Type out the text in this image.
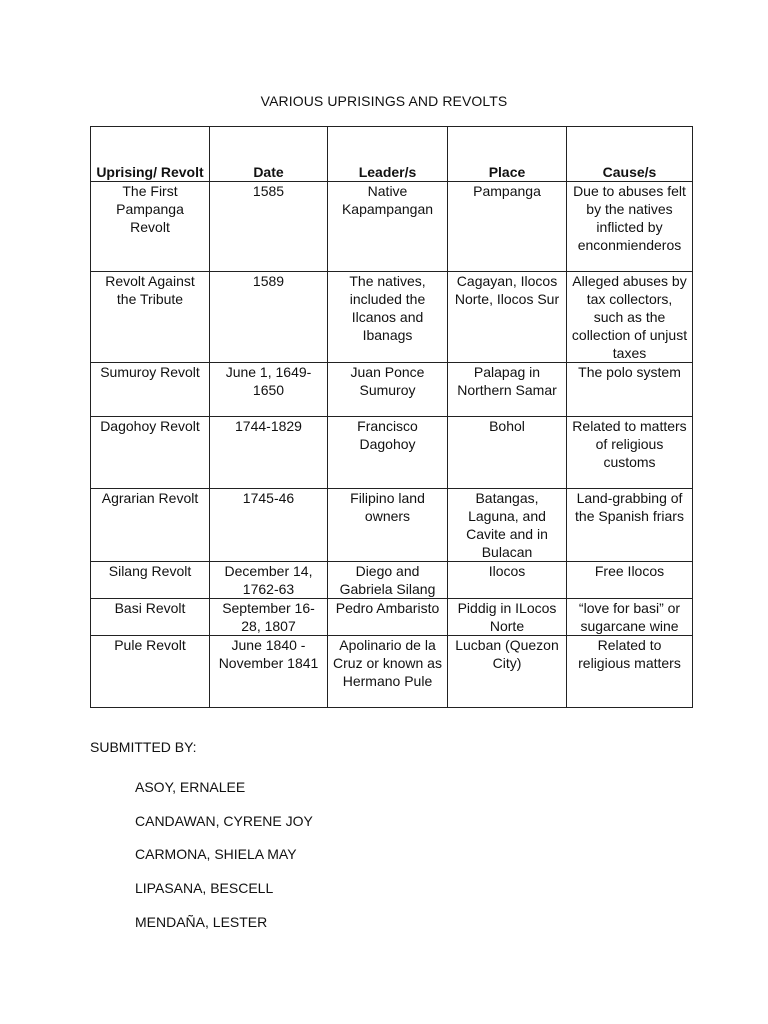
VARIOUS UPRISINGS AND REVOLTS
Uprising/ Revolt	Date	Leader/s	Place	Cause/s
The First Pampanga Revolt	1585	Native Kapampangan	Pampanga	Due to abuses felt by the natives inflicted by enconmienderos
Revolt Against the Tribute	1589	The natives, included the Ilcanos and Ibanags	Cagayan, Ilocos Norte, Ilocos Sur	Alleged abuses by tax collectors, such as the collection of unjust taxes
Sumuroy Revolt	June 1, 1649-1650	Juan Ponce Sumuroy	Palapag in Northern Samar	The polo system
Dagohoy Revolt	1744-1829	Francisco Dagohoy	Bohol	Related to matters of religious customs
Agrarian Revolt	1745-46	Filipino land owners	Batangas, Laguna, and Cavite and in Bulacan	Land-grabbing of the Spanish friars
Silang Revolt	December 14, 1762-63	Diego and Gabriela Silang	Ilocos	Free Ilocos
Basi Revolt	September 16-28, 1807	Pedro Ambaristo	Piddig in ILocos Norte	“love for basi” or sugarcane wine
Pule Revolt	June 1840 - November 1841	Apolinario de la Cruz or known as Hermano Pule	Lucban (Quezon City)	Related to religious matters
SUBMITTED BY:
ASOY, ERNALEE
CANDAWAN, CYRENE JOY
CARMONA, SHIELA MAY
LIPASANA, BESCELL
MENDAÑA, LESTER
